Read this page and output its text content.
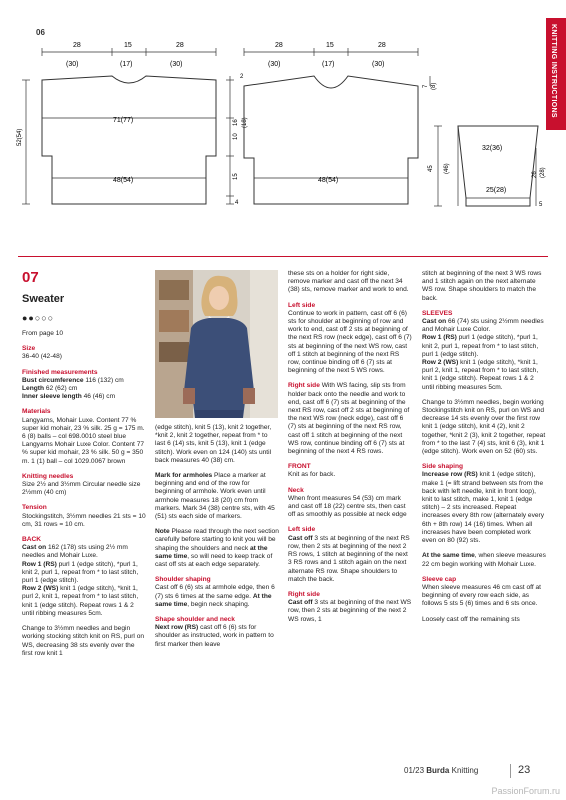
06	KNITTING INSTRUCTIONS
28	15	28
(30)	(17)	(30)
71(77)
48(54)
52(54)
2
16 (18)
10
15
4
28	15	28
(30)	(17)	(30)
48(54)
7 (8)
32(36)
25(28)
45 (46)
26 (28)
5

07

Sweater

●●○○○

From page 10

Size
36-40 (42-48)

Finished measurements
Bust circumference 116 (132) cm
Length 62 (62) cm
Inner sleeve length 46 (46) cm

Materials
Langyarns, Mohair Luxe. Content 77 % super kid mohair, 23 % silk. 25 g = 175 m. 6 (8) balls – col 698.0010 steel blue Langyarns Mohair Luxe Color. Content 77 % super kid mohair, 23 % silk. 50 g = 350 m. 1 (1) ball – col 1029.0067 brown

Knitting needles
Size 2½ and 3½mm Circular needle size 2½mm (40 cm)

Tension
Stockingstitch, 3½mm needles 21 sts = 10 cm, 31 rows = 10 cm.

BACK
Cast on 162 (178) sts using 2½ mm needles and Mohair Luxe.
Row 1 (RS) purl 1 (edge stitch), *purl 1, knit 2, purl 1, repeat from * to last stitch, purl 1 (edge stitch).
Row 2 (WS) knit 1 (edge stitch), *knit 1, purl 2, knit 1, repeat from * to last stitch, knit 1 (edge stitch). Repeat rows 1 & 2 until ribbing measures 5cm.

Change to 3½mm needles and begin working stocking stitch knit on RS, purl on WS, decreasing 38 sts evenly over the first row knit 1

(edge stitch), knit 5 (13), knit 2 together, *knit 2, knit 2 together, repeat from * to last 6 (14) sts, knit 5 (13), knit 1 (edge stitch). Work even on 124 (140) sts until back measures 40 (38) cm.

Mark for armholes Place a marker at beginning and end of the row for beginning of armhole. Work even until armhole measures 18 (20) cm from markers. Mark 34 (38) centre sts, with 45 (51) sts each side of markers.

Note Please read through the next section carefully before starting to knit you will be shaping the shoulders and neck at the same time, so will need to keep track of cast off sts at each edge separately.

Shoulder shaping
Cast off 6 (6) sts at armhole edge, then 6 (7) sts 6 times at the same edge. At the same time, begin neck shaping.

Shape shoulder and neck
Next row (RS) cast off 6 (6) sts for shoulder as instructed, work in pattern to first marker then leave

these sts on a holder for right side, remove marker and cast off the next 34 (38) sts, remove marker and work to end.

Left side
Continue to work in pattern, cast off 6 (6) sts for shoulder at beginning of row and work to end, cast off 2 sts at beginning of the next RS row (neck edge), cast off 6 (7) sts at beginning of the next WS row, cast off 1 stitch at beginning of the next RS row, continue binding off 6 (7) sts at beginning of the next 5 WS rows.

Right side With WS facing, slip sts from holder back onto the needle and work to end, cast off 6 (7) sts at beginning of the next RS row, cast off 2 sts at beginning of the next WS row (neck edge), cast off 6 (7) sts at beginning of the next RS row, cast off 1 stitch at beginning of the next WS row, continue binding off 6 (7) sts at beginning of the next 4 RS rows.

FRONT
Knit as for back.

Neck
When front measures 54 (53) cm mark and cast off 18 (22) centre sts, then cast off as smoothly as possible at neck edge

Left side
Cast off 3 sts at beginning of the next RS row, then 2 sts at beginning of the next 2 RS rows, 1 stitch at beginning of the next 3 RS rows and 1 stitch again on the next alternate RS row. Shape shoulders to match the back.

Right side
Cast off 3 sts at beginning of the next WS row, then 2 sts at beginning of the next 2 WS rows, 1

stitch at beginning of the next 3 WS rows and 1 stitch again on the next alternate WS row. Shape shoulders to match the back.

SLEEVES
Cast on 66 (74) sts using 2½mm needles and Mohair Luxe Color.
Row 1 (RS) purl 1 (edge stitch), *purl 1, knit 2, purl 1, repeat from * to last stitch, purl 1 (edge stitch).
Row 2 (WS) knit 1 (edge stitch), *knit 1, purl 2, knit 1, repeat from * to last stitch, knit 1 (edge stitch). Repeat rows 1 & 2 until ribbing measures 5cm.

Change to 3½mm needles, begin working Stockingstitch knit on RS, purl on WS and decrease 14 sts evenly over the first row knit 1 (edge stitch), knit 4 (2), knit 2 together, *knit 2 (3), knit 2 together, repeat from * to the last 7 (4) sts, knit 6 (3), knit 1 (edge stitch). Work even on 52 (60) sts.

Side shaping
Increase row (RS) knit 1 (edge stitch), make 1 (= lift strand between sts from the back with left needle, knit in front loop), knit to last stitch, make 1, knit 1 (edge stitch) – 2 sts increased. Repeat increases every 8th row (alternately every 6th + 8th row) 14 (16) times. When all increases have been completed work even on 80 (92) sts.

At the same time, when sleeve measures 22 cm begin working with Mohair Luxe.

Sleeve cap
When sleeve measures 46 cm cast off at beginning of every row each side, as follows 5 sts 5 (6) times and 6 sts once.

Loosely cast off the remaining sts

01/23 Burda Knitting	23
PassionForum.ru
